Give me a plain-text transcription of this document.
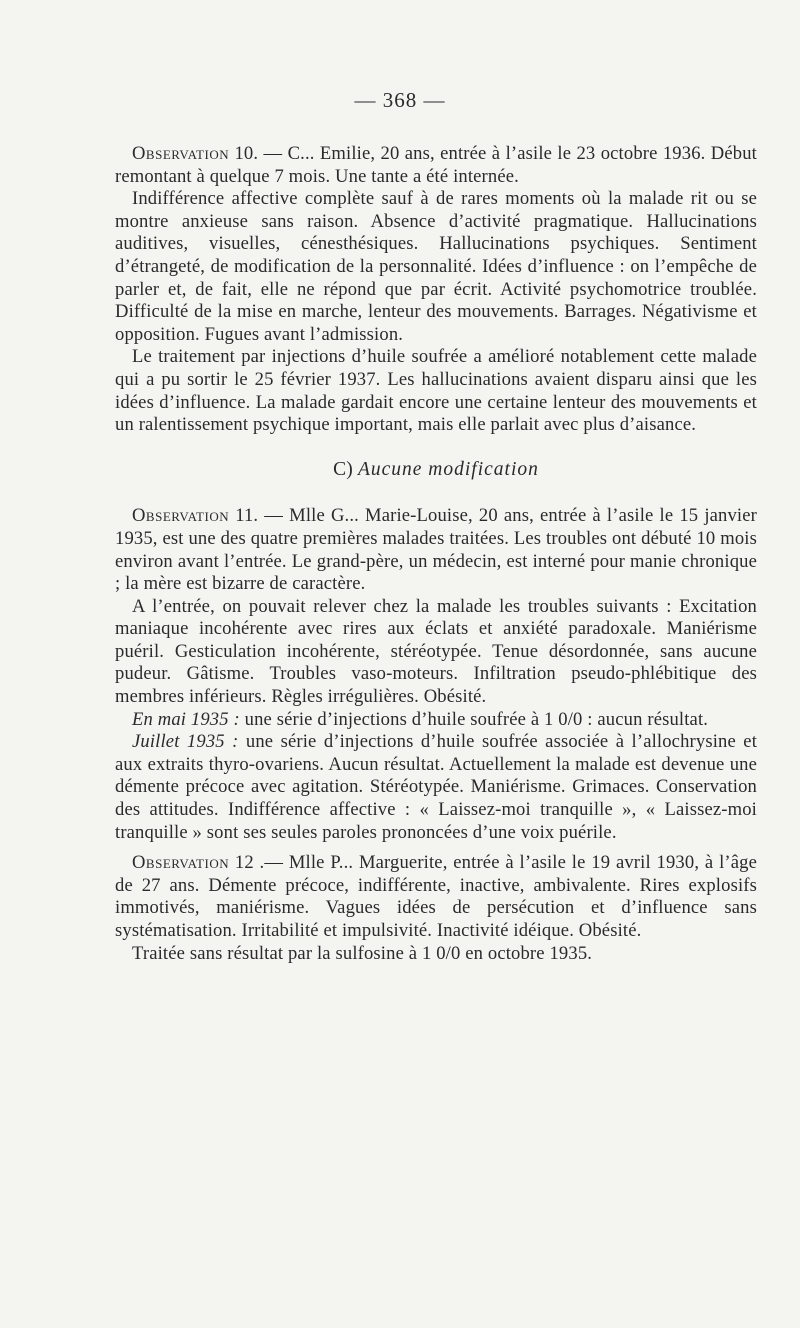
— 368 —

Observation 10. — C... Emilie, 20 ans, entrée à l’asile le 23 octobre 1936. Début remontant à quelque 7 mois. Une tante a été internée.

Indifférence affective complète sauf à de rares moments où la malade rit ou se montre anxieuse sans raison. Absence d’activité pragmatique. Hallucinations auditives, visuelles, cénesthésiques. Hallucinations psychiques. Sentiment d’étrangeté, de modification de la personnalité. Idées d’influence : on l’empêche de parler et, de fait, elle ne répond que par écrit. Activité psychomotrice troublée. Difficulté de la mise en marche, lenteur des mouvements. Barrages. Négativisme et opposition. Fugues avant l’admission.

Le traitement par injections d’huile soufrée a amélioré notablement cette malade qui a pu sortir le 25 février 1937. Les hallucinations avaient disparu ainsi que les idées d’influence. La malade gardait encore une certaine lenteur des mouvements et un ralentissement psychique important, mais elle parlait avec plus d’aisance.

C) Aucune modification

Observation 11. — Mlle G... Marie-Louise, 20 ans, entrée à l’asile le 15 janvier 1935, est une des quatre premières malades traitées. Les troubles ont débuté 10 mois environ avant l’entrée. Le grand-père, un médecin, est interné pour manie chronique ; la mère est bizarre de caractère.

A l’entrée, on pouvait relever chez la malade les troubles suivants : Excitation maniaque incohérente avec rires aux éclats et anxiété paradoxale. Maniérisme puéril. Gesticulation incohérente, stéréotypée. Tenue désordonnée, sans aucune pudeur. Gâtisme. Troubles vaso-moteurs. Infiltration pseudo-phlébitique des membres inférieurs. Règles irrégulières. Obésité.

En mai 1935 : une série d’injections d’huile soufrée à 1 0/0 : aucun résultat.

Juillet 1935 : une série d’injections d’huile soufrée associée à l’allochrysine et aux extraits thyro-ovariens. Aucun résultat. Actuellement la malade est devenue une démente précoce avec agitation. Stéréotypée. Maniérisme. Grimaces. Conservation des attitudes. Indifférence affective : « Laissez-moi tranquille », « Laissez-moi tranquille » sont ses seules paroles prononcées d’une voix puérile.

Observation 12 .— Mlle P... Marguerite, entrée à l’asile le 19 avril 1930, à l’âge de 27 ans. Démente précoce, indifférente, inactive, ambivalente. Rires explosifs immotivés, maniérisme. Vagues idées de persécution et d’influence sans systématisation. Irritabilité et impulsivité. Inactivité idéique. Obésité.

Traitée sans résultat par la sulfosine à 1 0/0 en octobre 1935.
